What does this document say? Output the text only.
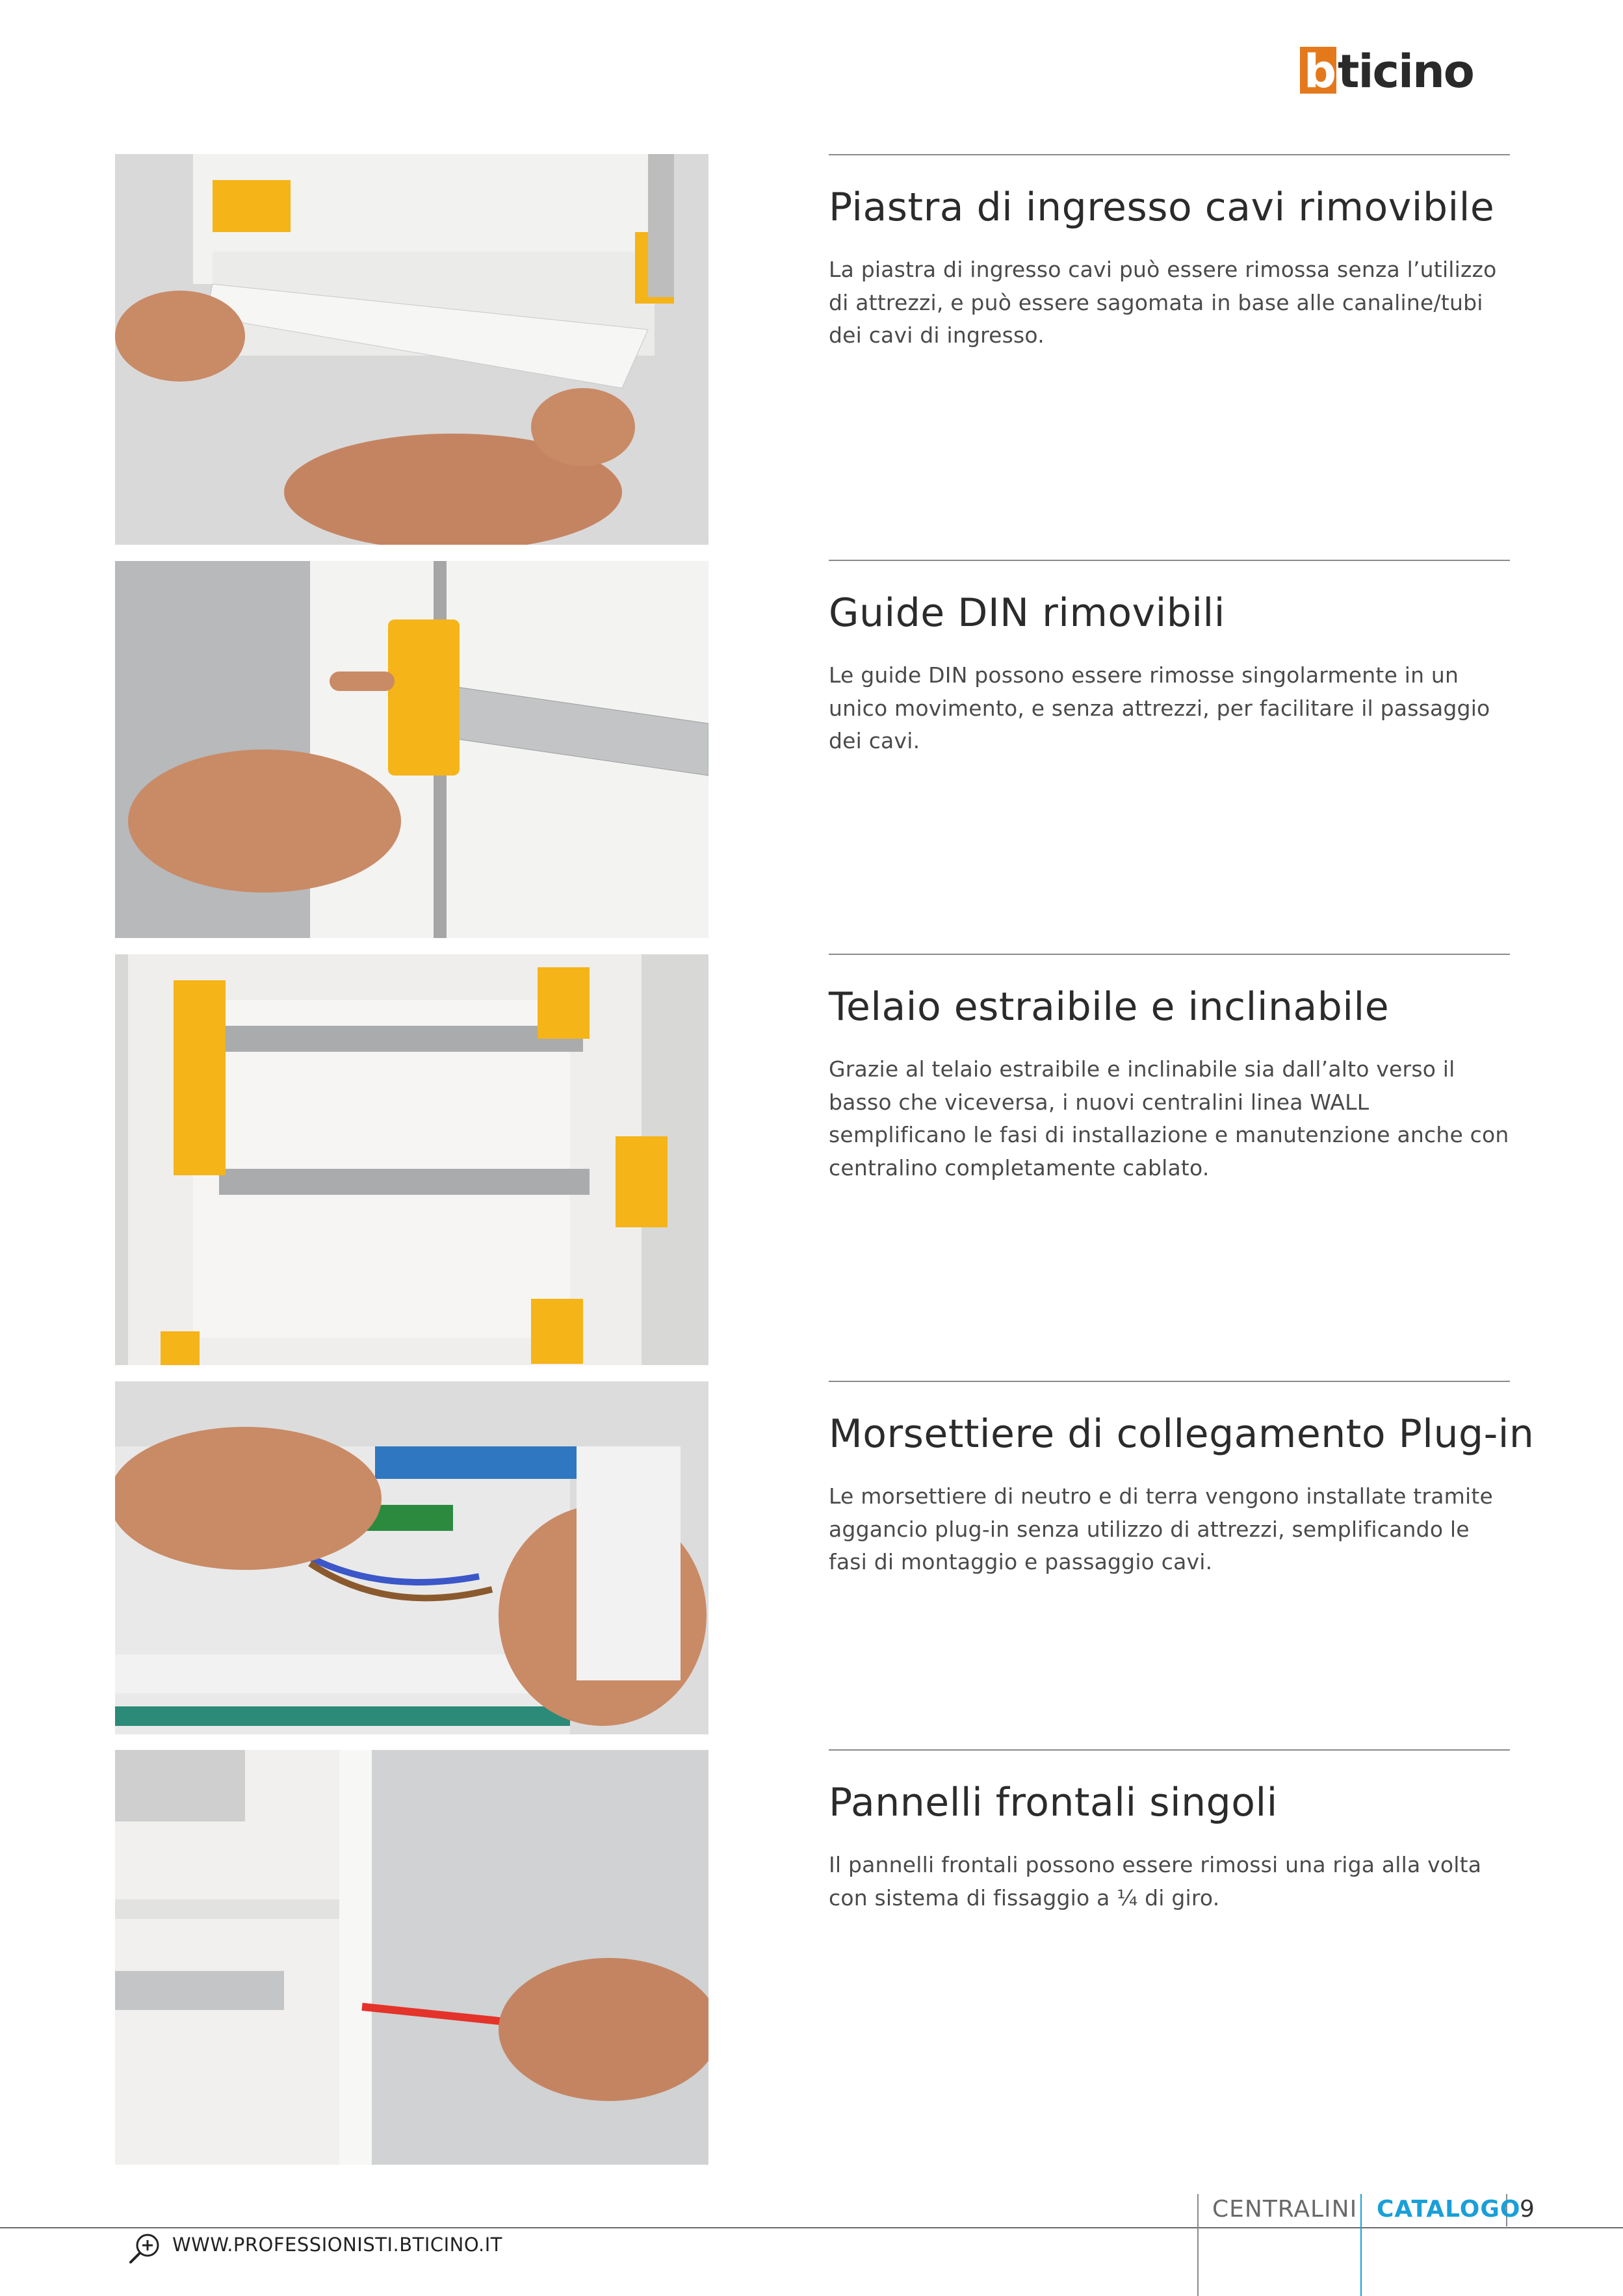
b ticino
Piastra di ingresso cavi rimovibile

La piastra di ingresso cavi può essere rimossa senza l’utilizzo di attrezzi, e può essere sagomata in base alle canaline/tubi dei cavi di ingresso.

Guide DIN rimovibili

Le guide DIN possono essere rimosse singolarmente in un unico movimento, e senza attrezzi, per facilitare il passaggio dei cavi.

Telaio estraibile e inclinabile

Grazie al telaio estraibile e inclinabile sia dall’alto verso il basso che viceversa, i nuovi centralini linea WALL semplificano le fasi di installazione e manutenzione anche con centralino completamente cablato.

Morsettiere di collegamento Plug-in

Le morsettiere di neutro e di terra vengono installate tramite aggancio plug-in senza utilizzo di attrezzi, semplificando le fasi di montaggio e passaggio cavi.

Pannelli frontali singoli

Il pannelli frontali possono essere rimossi una riga alla volta con sistema di fissaggio a ¼ di giro.

CENTRALINI CATALOGO
9
WWW.PROFESSIONISTI.BTICINO.IT
